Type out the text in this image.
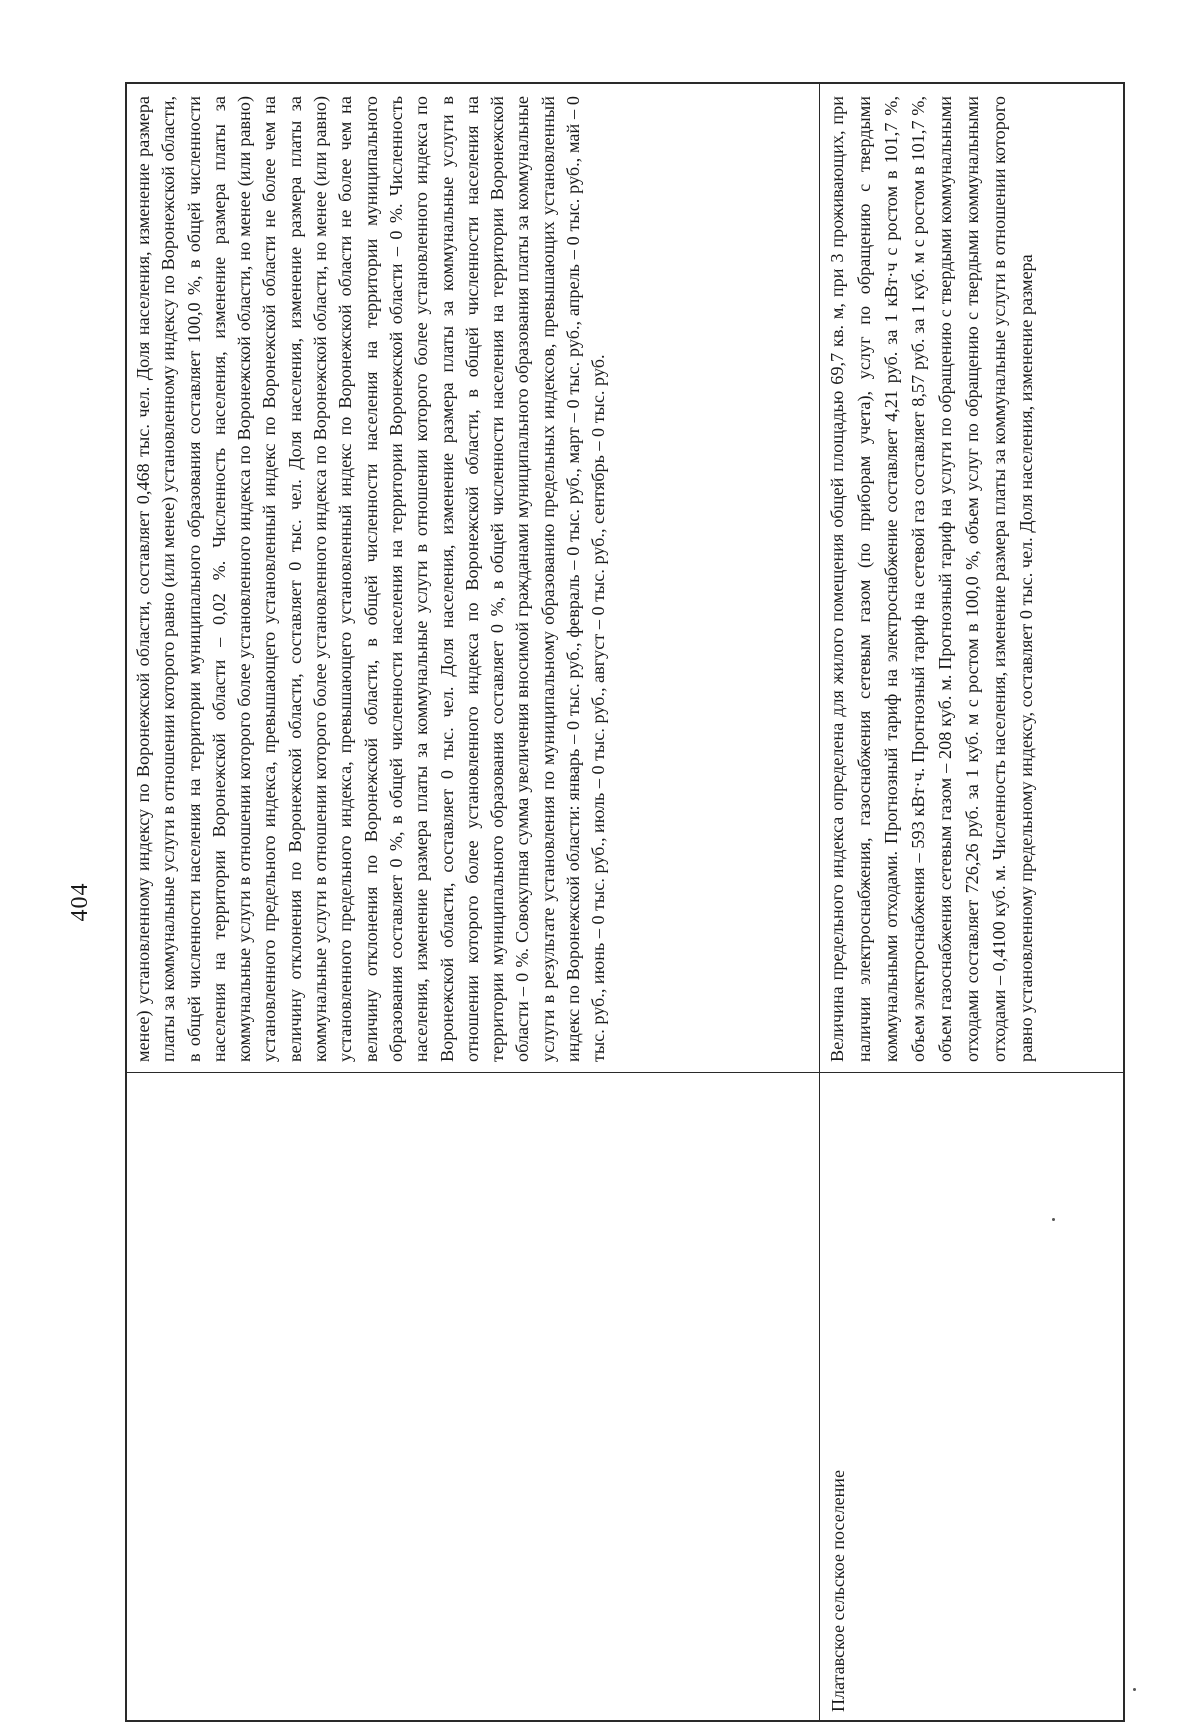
404	менее) установленному индексу по Воронежской области, составляет 0,468 тыс. чел. Доля населения, изменение размера платы за коммунальные услуги в отношении которого равно (или менее) установленному индексу по Воронежской области, в общей численности населения на территории муниципального образования составляет 100,0 %, в общей численности населения на территории Воронежской области – 0,02 %. Численность населения, изменение размера платы за коммунальные услуги в отношении которого более установленного индекса по Воронежской области, но менее (или равно) установленного предельного индекса, превышающего установленный индекс по Воронежской области не более чем на величину отклонения по Воронежской области, составляет 0 тыс. чел. Доля населения, изменение размера платы за коммунальные услуги в отношении которого более установленного индекса по Воронежской области, но менее (или равно) установленного предельного индекса, превышающего установленный индекс по Воронежской области не более чем на величину отклонения по Воронежской области, в общей численности населения на территории муниципального образования составляет 0 %, в общей численности населения на территории Воронежской области – 0 %. Численность населения, изменение размера платы за коммунальные услуги в отношении которого более установленного индекса по Воронежской области, составляет 0 тыс. чел. Доля населения, изменение размера платы за коммунальные услуги в отношении которого более установленного индекса по Воронежской области, в общей численности населения на территории муниципального образования составляет 0 %, в общей численности населения на территории Воронежской области – 0 %. Совокупная сумма увеличения вносимой гражданами муниципального образования платы за коммунальные услуги в результате установления по муниципальному образованию предельных индексов, превышающих установленный индекс по Воронежской области: январь – 0 тыс. руб., февраль – 0 тыс. руб., март – 0 тыс. руб., апрель – 0 тыс. руб., май – 0 тыс. руб., июнь – 0 тыс. руб., июль – 0 тыс. руб., август – 0 тыс. руб., сентябрь – 0 тыс. руб.
Платавское сельское поселение
Величина предельного индекса определена для жилого помещения общей площадью 69,7 кв. м, при 3 проживающих, при наличии электроснабжения, газоснабжения сетевым газом (по приборам учета), услуг по обращению с твердыми коммунальными отходами. Прогнозный тариф на электроснабжение составляет 4,21 руб. за 1 кВт·ч с ростом в 101,7 %, объем электроснабжения – 593 кВт·ч. Прогнозный тариф на сетевой газ составляет 8,57 руб. за 1 куб. м с ростом в 101,7 %, объем газоснабжения сетевым газом – 208 куб. м. Прогнозный тариф на услуги по обращению с твердыми коммунальными отходами составляет 726,26 руб. за 1 куб. м с ростом в 100,0 %, объем услуг по обращению с твердыми коммунальными отходами – 0,4100 куб. м. Численность населения, изменение размера платы за коммунальные услуги в отношении которого равно установленному предельному индексу, составляет 0 тыс. чел. Доля населения, изменение размера
